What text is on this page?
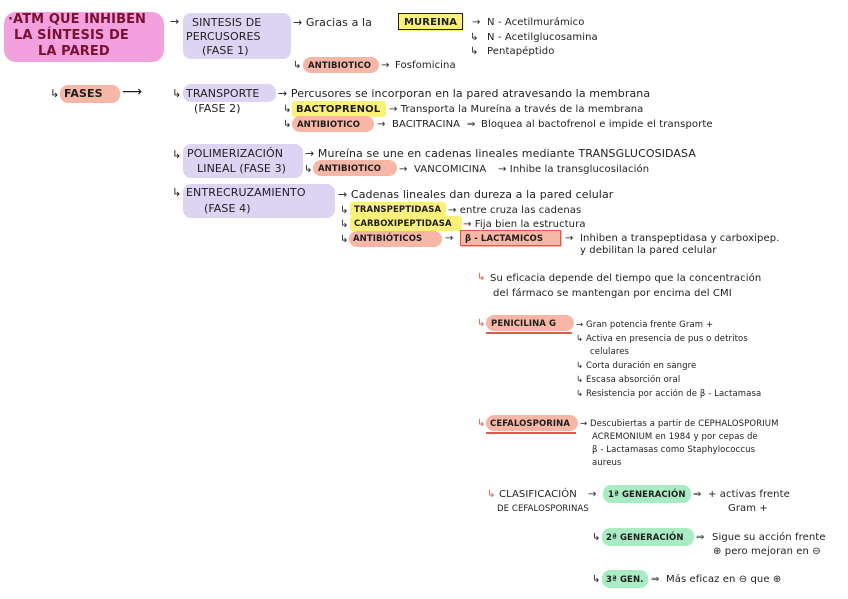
·ATM QUE INHIBEN
LA SÍNTESIS DE
LA PARED
↳ FASES ⟶
→ SINTESIS DE
PERCUSORES
(FASE 1)
→ Gracias a la	MUREINA → N - Acetilmurámico
↳ N - Acetilglucosamina
↳ Pentapéptido
↳ ANTIBIOTICO → Fosfomicina
↳ TRANSPORTE
(FASE 2)
→ Percusores se incorporan en la pared atravesando la membrana
↳ BACTOPRENOL → Transporta la Mureína a través de la membrana
↳ ANTIBIOTICO → BACITRACINA ⇒ Bloquea al bactofrenol e impide el transporte
↳ POLIMERIZACIÓN
LINEAL (FASE 3)
→ Mureína se une en cadenas lineales mediante TRANSGLUCOSIDASA
↳ ANTIBIOTICO → VANCOMICINA → Inhibe la transglucosilación
↳ ENTRECRUZAMIENTO
(FASE 4)
→ Cadenas lineales dan dureza a la pared celular
↳ TRANSPEPTIDASA → entre cruza las cadenas
↳ CARBOXIPEPTIDASA → Fija bien la estructura
↳ ANTIBIÓTICOS → β - LACTAMICOS → Inhiben a transpeptidasa y carboxipep.
y debilitan la pared celular
↳ Su eficacia depende del tiempo que la concentración
del fármaco se mantengan por encima del CMI
↳ PENICILINA G → Gran potencia frente Gram +
↳ Activa en presencia de pus o detritos
celulares
↳ Corta duración en sangre
↳ Escasa absorción oral
↳ Resistencia por acción de β - Lactamasa
↳ CEFALOSPORINA → Descubiertas a partir de CEPHALOSPORIUM
ACREMONIUM en 1984 y por cepas de
β - Lactamasas como Staphylococcus
aureus
↳ CLASIFICACIÓN
DE CEFALOSPORINAS
→ 1ª GENERACIÓN ⇒ + activas frente
Gram +
↳ 2ª GENERACIÓN ⇒ Sigue su acción frente
⊕ pero mejoran en ⊖
↳ 3ª GEN. ⇒ Más eficaz en ⊖ que ⊕
